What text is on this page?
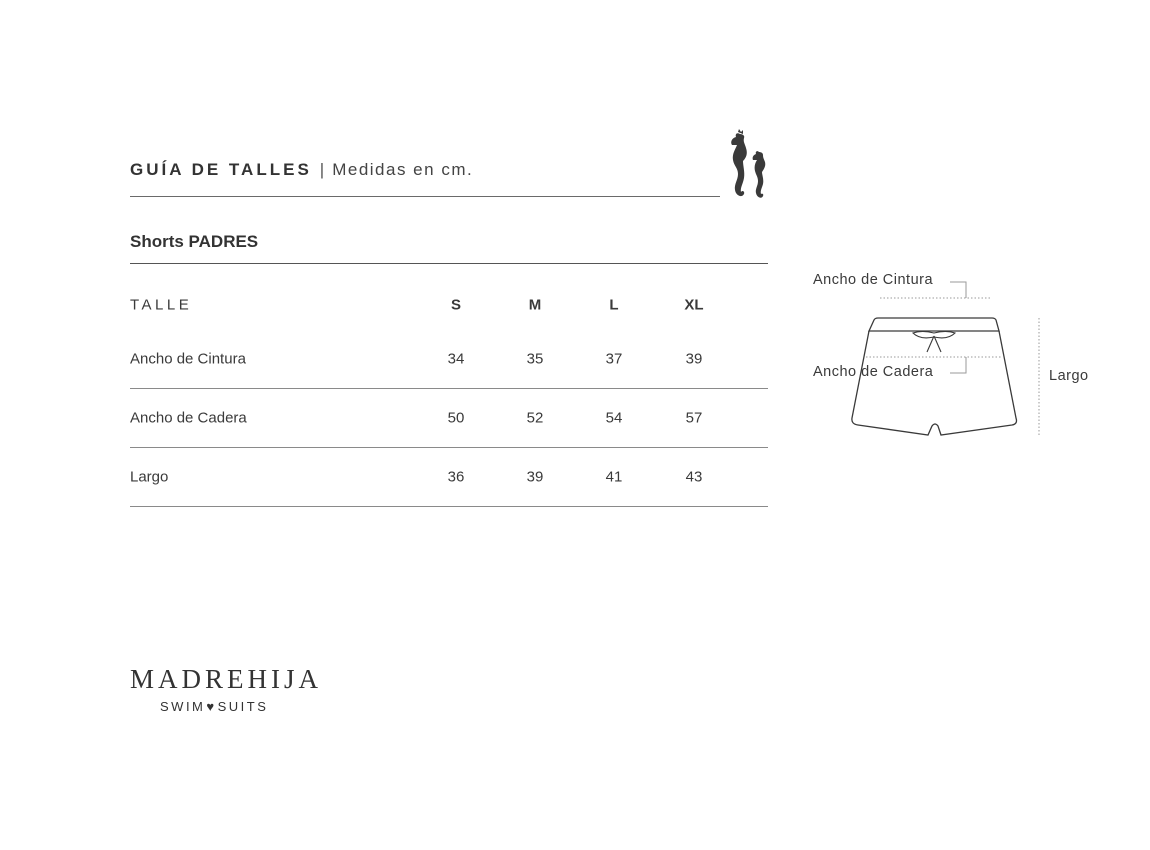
GUÍA DE TALLES | Medidas en cm.
Shorts PADRES
TALLE	S	M	L	XL
Ancho de Cintura	34	35	37	39
Ancho de Cadera	50	52	54	57
Largo	36	39	41	43
Ancho de Cintura
Ancho de Cadera	Largo
MADREHIJA
SWIM♥SUITS
